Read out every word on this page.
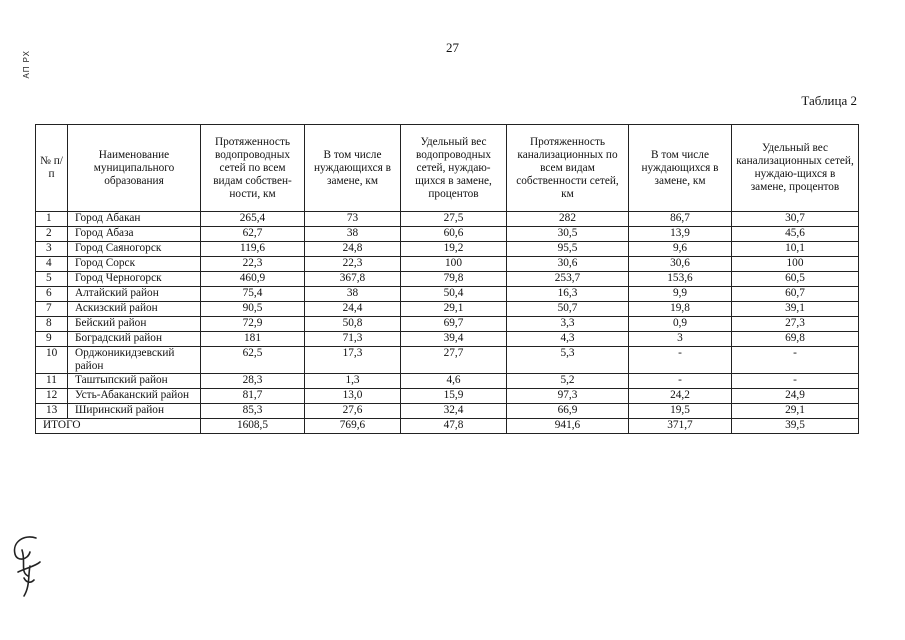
27
АП РХ
Таблица 2
№ п/п	Наименование муниципального образования	Протяженность водопроводных сетей по всем видам собствен-ности, км	В том числе нуждающихся в замене, км	Удельный вес водопроводных сетей, нуждаю-щихся в замене, процентов	Протяженность канализационных по всем видам собственности сетей, км	В том числе нуждающихся в замене, км	Удельный вес канализационных сетей, нуждаю-щихся в замене, процентов
1	Город Абакан	265,4	73	27,5	282	86,7	30,7
2	Город Абаза	62,7	38	60,6	30,5	13,9	45,6
3	Город Саяногорск	119,6	24,8	19,2	95,5	9,6	10,1
4	Город Сорск	22,3	22,3	100	30,6	30,6	100
5	Город Черногорск	460,9	367,8	79,8	253,7	153,6	60,5
6	Алтайский район	75,4	38	50,4	16,3	9,9	60,7
7	Аскизский район	90,5	24,4	29,1	50,7	19,8	39,1
8	Бейский район	72,9	50,8	69,7	3,3	0,9	27,3
9	Боградский район	181	71,3	39,4	4,3	3	69,8
10	Орджоникидзевский район	62,5	17,3	27,7	5,3	-	-
11	Таштыпский район	28,3	1,3	4,6	5,2	-	-
12	Усть-Абаканский район	81,7	13,0	15,9	97,3	24,2	24,9
13	Ширинский район	85,3	27,6	32,4	66,9	19,5	29,1
ИТОГО		1608,5	769,6	47,8	941,6	371,7	39,5
